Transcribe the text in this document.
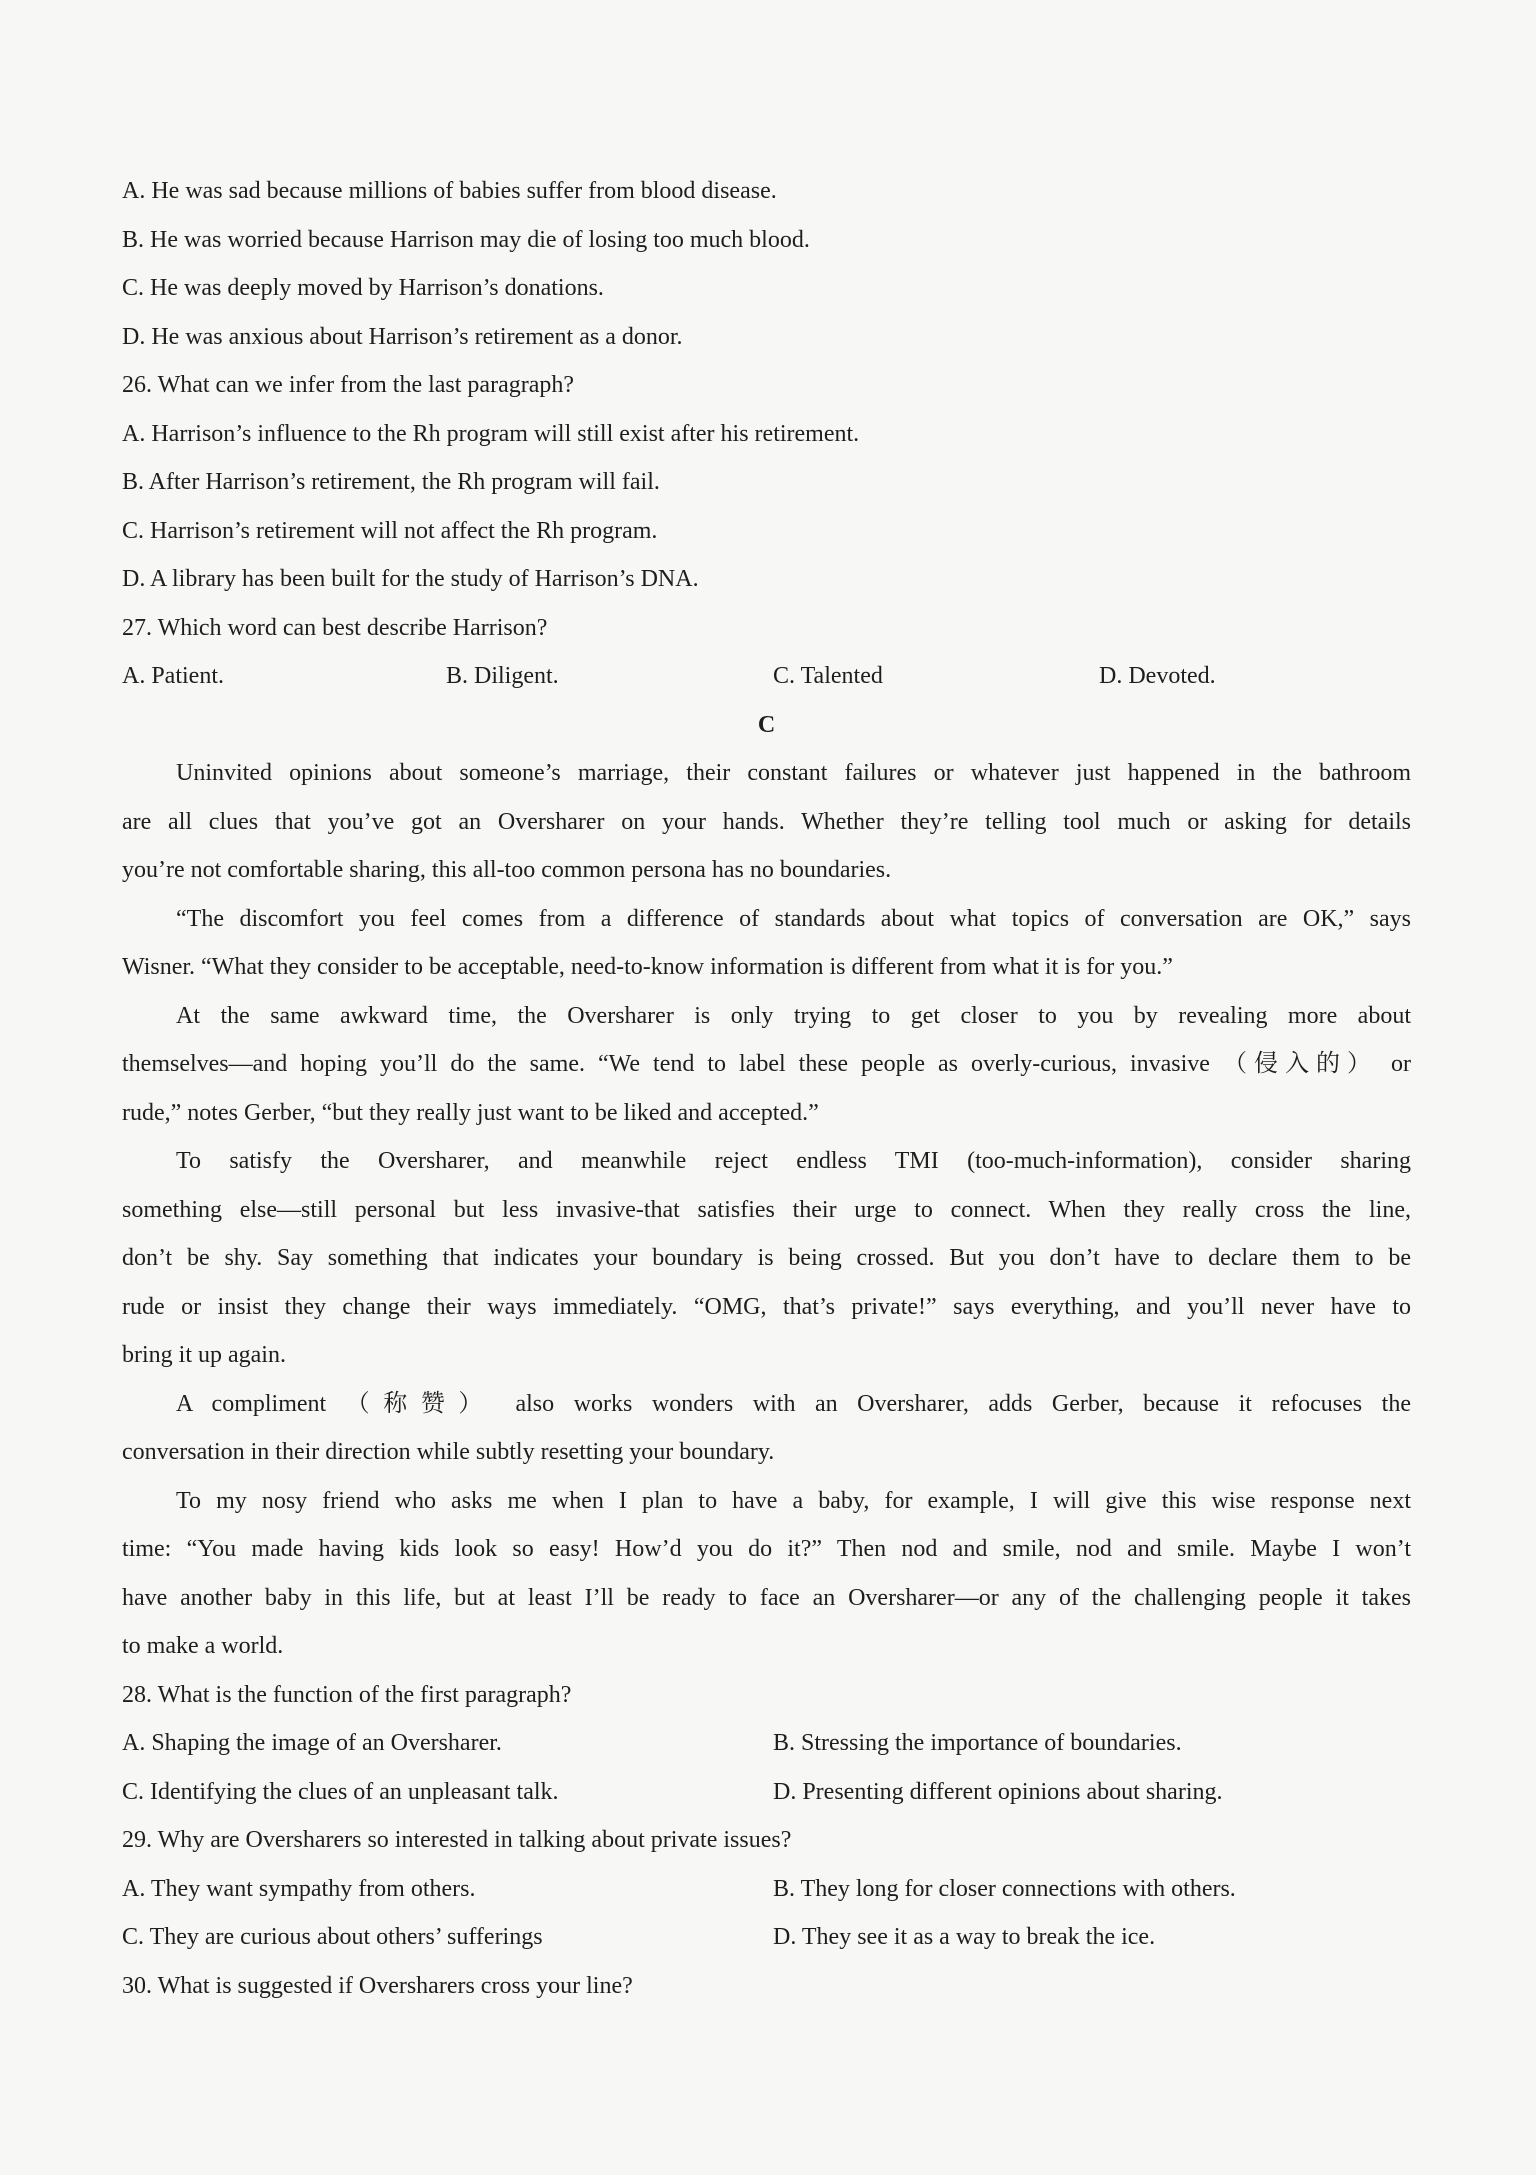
A. He was sad because millions of babies suffer from blood disease.
B. He was worried because Harrison may die of losing too much blood.
C. He was deeply moved by Harrison’s donations.
D. He was anxious about Harrison’s retirement as a donor.
26. What can we infer from the last paragraph?
A. Harrison’s influence to the Rh program will still exist after his retirement.
B. After Harrison’s retirement, the Rh program will fail.
C. Harrison’s retirement will not affect the Rh program.
D. A library has been built for the study of Harrison’s DNA.
27. Which word can best describe Harrison?
A. Patient.	B. Diligent.	C. Talented	D. Devoted.
C
Uninvited opinions about someone’s marriage, their constant failures or whatever just happened in the bathroom
are all clues that you’ve got an Oversharer on your hands. Whether they’re telling tool much or asking for details
you’re not comfortable sharing, this all-too common persona has no boundaries.
“The discomfort you feel comes from a difference of standards about what topics of conversation are OK,” says
Wisner. “What they consider to be acceptable, need-to-know information is different from what it is for you.”
At the same awkward time, the Oversharer is only trying to get closer to you by revealing more about
themselves—and hoping you’ll do the same. “We tend to label these people as overly-curious, invasive （侵入的） or
rude,” notes Gerber, “but they really just want to be liked and accepted.”
To satisfy the Oversharer, and meanwhile reject endless TMI (too-much-information), consider sharing
something else—still personal but less invasive-that satisfies their urge to connect. When they really cross the line,
don’t be shy. Say something that indicates your boundary is being crossed. But you don’t have to declare them to be
rude or insist they change their ways immediately. “OMG, that’s private!” says everything, and you’ll never have to
bring it up again.
A compliment （称赞） also works wonders with an Oversharer, adds Gerber, because it refocuses the
conversation in their direction while subtly resetting your boundary.
To my nosy friend who asks me when I plan to have a baby, for example, I will give this wise response next
time: “You made having kids look so easy! How’d you do it?” Then nod and smile, nod and smile. Maybe I won’t
have another baby in this life, but at least I’ll be ready to face an Oversharer—or any of the challenging people it takes
to make a world.
28. What is the function of the first paragraph?
A. Shaping the image of an Oversharer.	B. Stressing the importance of boundaries.
C. Identifying the clues of an unpleasant talk.	D. Presenting different opinions about sharing.
29. Why are Oversharers so interested in talking about private issues?
A. They want sympathy from others.	B. They long for closer connections with others.
C. They are curious about others’ sufferings	D. They see it as a way to break the ice.
30. What is suggested if Oversharers cross your line?
